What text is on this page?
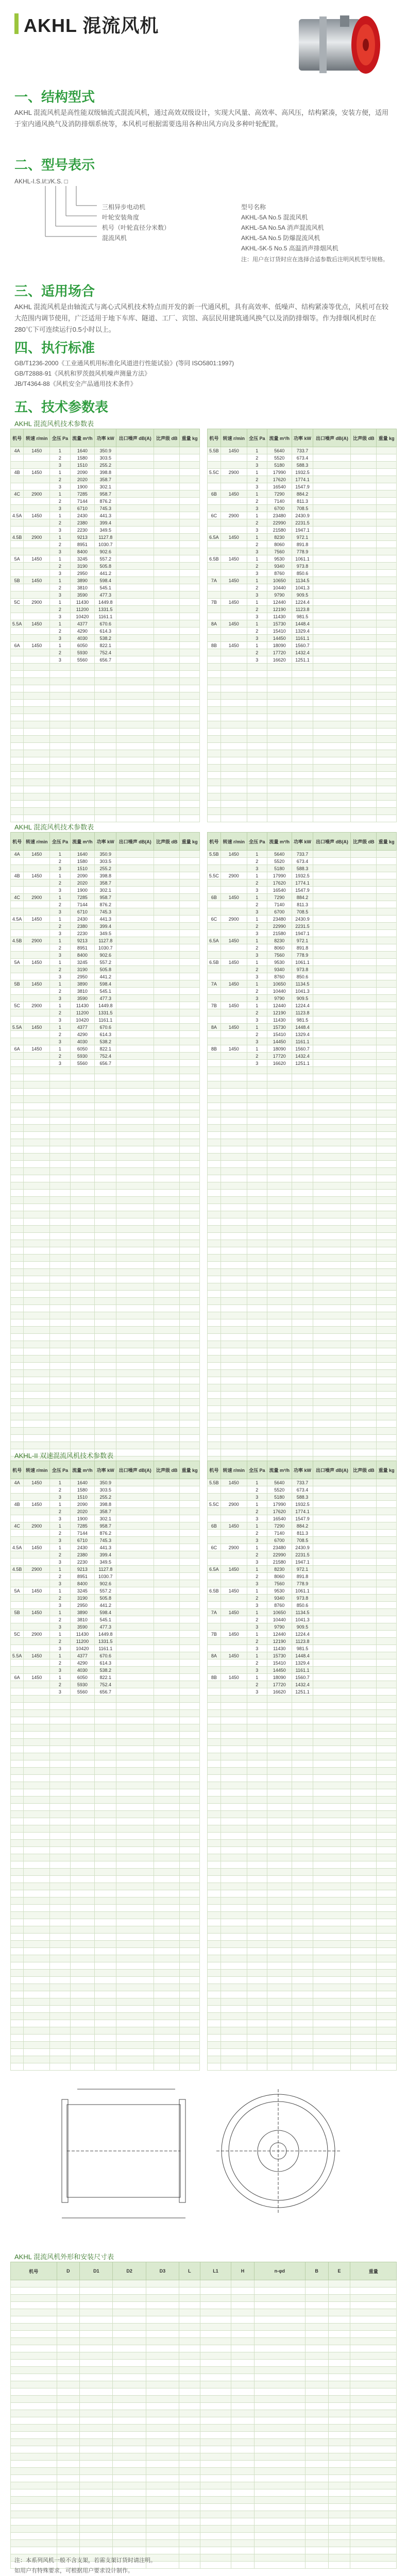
AKHL 混流风机
一、结构型式
AKHL 混流风机是高性能双级轴流式混流风机，通过高效双级设计，实现大风量、高效率、高风压，结构紧凑，安装方便，适用于室内通风换气及消防排烟系统等，本风机可根据需要选用各种出风方向及多种叶轮配置。
二、型号表示
AKHL-I.S.I/□/K.S. □
三相异步电动机
叶轮安装角度
机号（叶轮直径分米数）
混流风机
型号名称
AKHL-5A No.5 混流风机
AKHL-5A No.5A 消声混流风机
AKHL-5A No.5 防爆混流风机
AKHL-5K-5 No.5 高温消声排烟风机
注：用户在订货时应在选择合适参数后注明风机型号规格。
三、适用场合
AKHL 混流风机是由轴流式与离心式风机技术特点而开发的新一代通风机，具有高效率、低噪声、结构紧凑等优点，风机可在较大范围内调节使用，广泛适用于地下车库、隧道、工厂、宾馆、高层民用建筑通风换气以及消防排烟等。作为排烟风机时在280℃下可连续运行0.5小时以上。
四、执行标准
GB/T1236-2000《工业通风机用标准化风道进行性能试验》(等同 ISO5801:1997)
GB/T2888-91《风机和罗茨鼓风机噪声测量方法》
JB/T4364-88《风机安全产品通用技术条件》
五、技术参数表
AKHL 混流风机技术参数表
机号	转速 r/min	全压 Pa	流量 m³/h	功率 kW	出口噪声 dB(A)	比声级 dB	重量 kg
4A	1450	1	1640	350.9			
		2	1580	303.5			
		3	1510	255.2			
4B	1450	1	2090	398.8			
		2	2020	358.7			
		3	1900	302.1			
4C	2900	1	7285	958.7			
		2	7144	876.2			
		3	6710	745.3			
4.5A	1450	1	2430	441.3			
		2	2380	399.4			
		3	2230	349.5			
4.5B	2900	1	9213	1127.8			
		2	8951	1030.7			
		3	8400	902.6			
5A	1450	1	3245	557.2			
		2	3190	505.8			
		3	2950	441.2			
5B	1450	1	3890	598.4			
		2	3810	545.1			
		3	3590	477.3			
5C	2900	1	11430	1449.8			
		2	11200	1331.5			
		3	10420	1161.1			
5.5A	1450	1	4377	670.6			
		2	4290	614.3			
		3	4030	538.2			
6A	1450	1	6050	822.1			
		2	5930	752.4			
		3	5560	656.7			

机号	转速 r/min	全压 Pa	流量 m³/h	功率 kW	出口噪声 dB(A)	比声级 dB	重量 kg
5.5B	1450	1	5640	733.7			
		2	5520	673.4			
		3	5180	588.3			
5.5C	2900	1	17990	1932.5			
		2	17620	1774.1			
		3	16540	1547.9			
6B	1450	1	7290	884.2			
		2	7140	811.3			
		3	6700	708.5			
6C	2900	1	23480	2430.9			
		2	22990	2231.5			
		3	21580	1947.1			
6.5A	1450	1	8230	972.1			
		2	8060	891.8			
		3	7560	778.9			
6.5B	1450	1	9530	1061.1			
		2	9340	973.8			
		3	8760	850.6			
7A	1450	1	10650	1134.5			
		2	10440	1041.3			
		3	9790	909.5			
7B	1450	1	12440	1224.4			
		2	12190	1123.8			
		3	11430	981.5			
8A	1450	1	15730	1448.4			
		2	15410	1329.4			
		3	14450	1161.1			
8B	1450	1	18090	1560.7			
		2	17720	1432.4			
		3	16620	1251.1			

AKHL 混流风机技术参数表
机号	转速 r/min	全压 Pa	流量 m³/h	功率 kW	出口噪声 dB(A)	比声级 dB	重量 kg
4A	1450	1	1640	350.9			
		2	1580	303.5			
		3	1510	255.2			
4B	1450	1	2090	398.8			
		2	2020	358.7			
		3	1900	302.1			
4C	2900	1	7285	958.7			
		2	7144	876.2			
		3	6710	745.3			
4.5A	1450	1	2430	441.3			
		2	2380	399.4			
		3	2230	349.5			
4.5B	2900	1	9213	1127.8			
		2	8951	1030.7			
		3	8400	902.6			
5A	1450	1	3245	557.2			
		2	3190	505.8			
		3	2950	441.2			
5B	1450	1	3890	598.4			
		2	3810	545.1			
		3	3590	477.3			
5C	2900	1	11430	1449.8			
		2	11200	1331.5			
		3	10420	1161.1			
5.5A	1450	1	4377	670.6			
		2	4290	614.3			
		3	4030	538.2			
6A	1450	1	6050	822.1			
		2	5930	752.4			
		3	5560	656.7			

机号	转速 r/min	全压 Pa	流量 m³/h	功率 kW	出口噪声 dB(A)	比声级 dB	重量 kg
5.5B	1450	1	5640	733.7			
		2	5520	673.4			
		3	5180	588.3			
5.5C	2900	1	17990	1932.5			
		2	17620	1774.1			
		3	16540	1547.9			
6B	1450	1	7290	884.2			
		2	7140	811.3			
		3	6700	708.5			
6C	2900	1	23480	2430.9			
		2	22990	2231.5			
		3	21580	1947.1			
6.5A	1450	1	8230	972.1			
		2	8060	891.8			
		3	7560	778.9			
6.5B	1450	1	9530	1061.1			
		2	9340	973.8			
		3	8760	850.6			
7A	1450	1	10650	1134.5			
		2	10440	1041.3			
		3	9790	909.5			
7B	1450	1	12440	1224.4			
		2	12190	1123.8			
		3	11430	981.5			
8A	1450	1	15730	1448.4			
		2	15410	1329.4			
		3	14450	1161.1			
8B	1450	1	18090	1560.7			
		2	17720	1432.4			
		3	16620	1251.1			

AKHL-II 双速混流风机技术参数表
机号	转速 r/min	全压 Pa	流量 m³/h	功率 kW	出口噪声 dB(A)	比声级 dB	重量 kg
4A	1450	1	1640	350.9			
		2	1580	303.5			
		3	1510	255.2			
4B	1450	1	2090	398.8			
		2	2020	358.7			
		3	1900	302.1			
4C	2900	1	7285	958.7			
		2	7144	876.2			
		3	6710	745.3			
4.5A	1450	1	2430	441.3			
		2	2380	399.4			
		3	2230	349.5			
4.5B	2900	1	9213	1127.8			
		2	8951	1030.7			
		3	8400	902.6			
5A	1450	1	3245	557.2			
		2	3190	505.8			
		3	2950	441.2			
5B	1450	1	3890	598.4			
		2	3810	545.1			
		3	3590	477.3			
5C	2900	1	11430	1449.8			
		2	11200	1331.5			
		3	10420	1161.1			
5.5A	1450	1	4377	670.6			
		2	4290	614.3			
		3	4030	538.2			
6A	1450	1	6050	822.1			
		2	5930	752.4			
		3	5560	656.7			

机号	转速 r/min	全压 Pa	流量 m³/h	功率 kW	出口噪声 dB(A)	比声级 dB	重量 kg
5.5B	1450	1	5640	733.7			
		2	5520	673.4			
		3	5180	588.3			
5.5C	2900	1	17990	1932.5			
		2	17620	1774.1			
		3	16540	1547.9			
6B	1450	1	7290	884.2			
		2	7140	811.3			
		3	6700	708.5			
6C	2900	1	23480	2430.9			
		2	22990	2231.5			
		3	21580	1947.1			
6.5A	1450	1	8230	972.1			
		2	8060	891.8			
		3	7560	778.9			
6.5B	1450	1	9530	1061.1			
		2	9340	973.8			
		3	8760	850.6			
7A	1450	1	10650	1134.5			
		2	10440	1041.3			
		3	9790	909.5			
7B	1450	1	12440	1224.4			
		2	12190	1123.8			
		3	11430	981.5			
8A	1450	1	15730	1448.4			
		2	15410	1329.4			
		3	14450	1161.1			
8B	1450	1	18090	1560.7			
		2	17720	1432.4			
		3	16620	1251.1			

AKHL 混流风机外形和安装尺寸表
机号	D	D1	D2	D3	L	L1	H	n-φd	B	E	重量

注：本系列风机一般不含支架，若需支架订货时请注明。
如用户有特殊要求，可根据用户要求设计制作。
